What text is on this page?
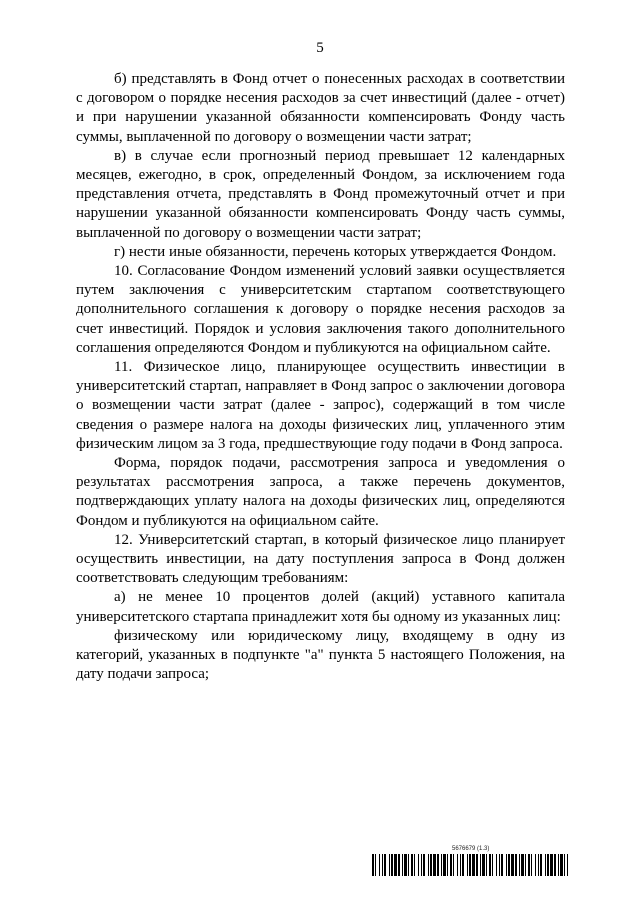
5

б) представлять в Фонд отчет о понесенных расходах в соответствии с договором о порядке несения расходов за счет инвестиций (далее - отчет) и при нарушении указанной обязанности компенсировать Фонду часть суммы, выплаченной по договору о возмещении части затрат;

в) в случае если прогнозный период превышает 12 календарных месяцев, ежегодно, в срок, определенный Фондом, за исключением года представления отчета, представлять в Фонд промежуточный отчет и при нарушении указанной обязанности компенсировать Фонду часть суммы, выплаченной по договору о возмещении части затрат;

г) нести иные обязанности, перечень которых утверждается Фондом.

10. Согласование Фондом изменений условий заявки осуществляется путем заключения с университетским стартапом соответствующего дополнительного соглашения к договору о порядке несения расходов за счет инвестиций. Порядок и условия заключения такого дополнительного соглашения определяются Фондом и публикуются на официальном сайте.

11. Физическое лицо, планирующее осуществить инвестиции в университетский стартап, направляет в Фонд запрос о заключении договора о возмещении части затрат (далее - запрос), содержащий в том числе сведения о размере налога на доходы физических лиц, уплаченного этим физическим лицом за 3 года, предшествующие году подачи в Фонд запроса.

Форма, порядок подачи, рассмотрения запроса и уведомления о результатах рассмотрения запроса, а также перечень документов, подтверждающих уплату налога на доходы физических лиц, определяются Фондом и публикуются на официальном сайте.

12. Университетский стартап, в который физическое лицо планирует осуществить инвестиции, на дату поступления запроса в Фонд должен соответствовать следующим требованиям:

а) не менее 10 процентов долей (акций) уставного капитала университетского стартапа принадлежит хотя бы одному из указанных лиц:

физическому или юридическому лицу, входящему в одну из категорий, указанных в подпункте "а" пункта 5 настоящего Положения, на дату подачи запроса;

5676679 (1.3)
